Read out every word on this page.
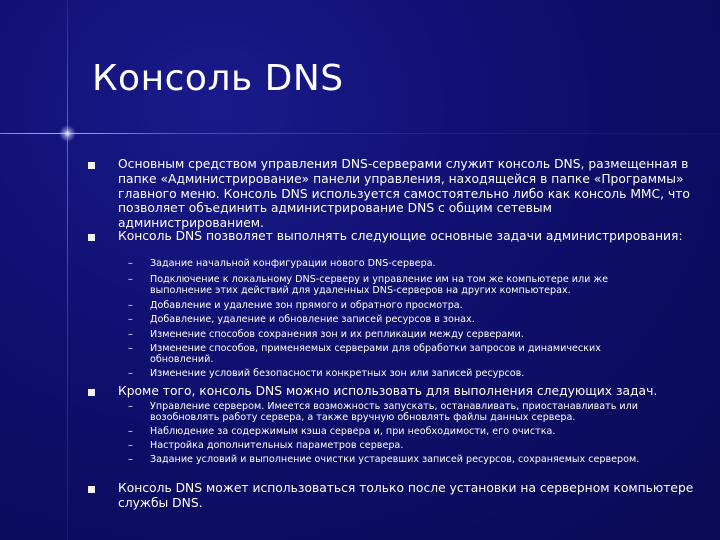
Консоль DNS
Основным средством управления DNS-серверами служит консоль DNS, размещенная в папке «Администрирование» панели управления, находящейся в папке «Программы» главного меню. Консоль DNS используется самостоятельно либо как консоль ММС, что позволяет объединить администрирование DNS с общим сетевым администрированием.
Консоль DNS позволяет выполнять следующие основные задачи администрирования:
–	Задание начальной конфигурации нового DNS-сервера.
–	Подключение к локальному DNS-серверу и управление им на том же компьютере или же выполнение этих действий для удаленных DNS-серверов на других компьютерах.
–	Добавление и удаление зон прямого и обратного просмотра.
–	Добавление, удаление и обновление записей ресурсов в зонах.
–	Изменение способов сохранения зон и их репликации между серверами.
–	Изменение способов, применяемых серверами для обработки запросов и динамических обновлений.
–	Изменение условий безопасности конкретных зон или записей ресурсов.
Кроме того, консоль DNS можно использовать для выполнения следующих задач.
–	Управление сервером. Имеется возможность запускать, останавливать, приостанавливать или возобновлять работу сервера, а также вручную обновлять файлы данных сервера.
–	Наблюдение за содержимым кэша сервера и, при необходимости, его очистка.
–	Настройка дополнительных параметров сервера.
–	Задание условий и выполнение очистки устаревших записей ресурсов, сохраняемых сервером.
Консоль DNS может использоваться только после установки на серверном компьютере службы DNS.
